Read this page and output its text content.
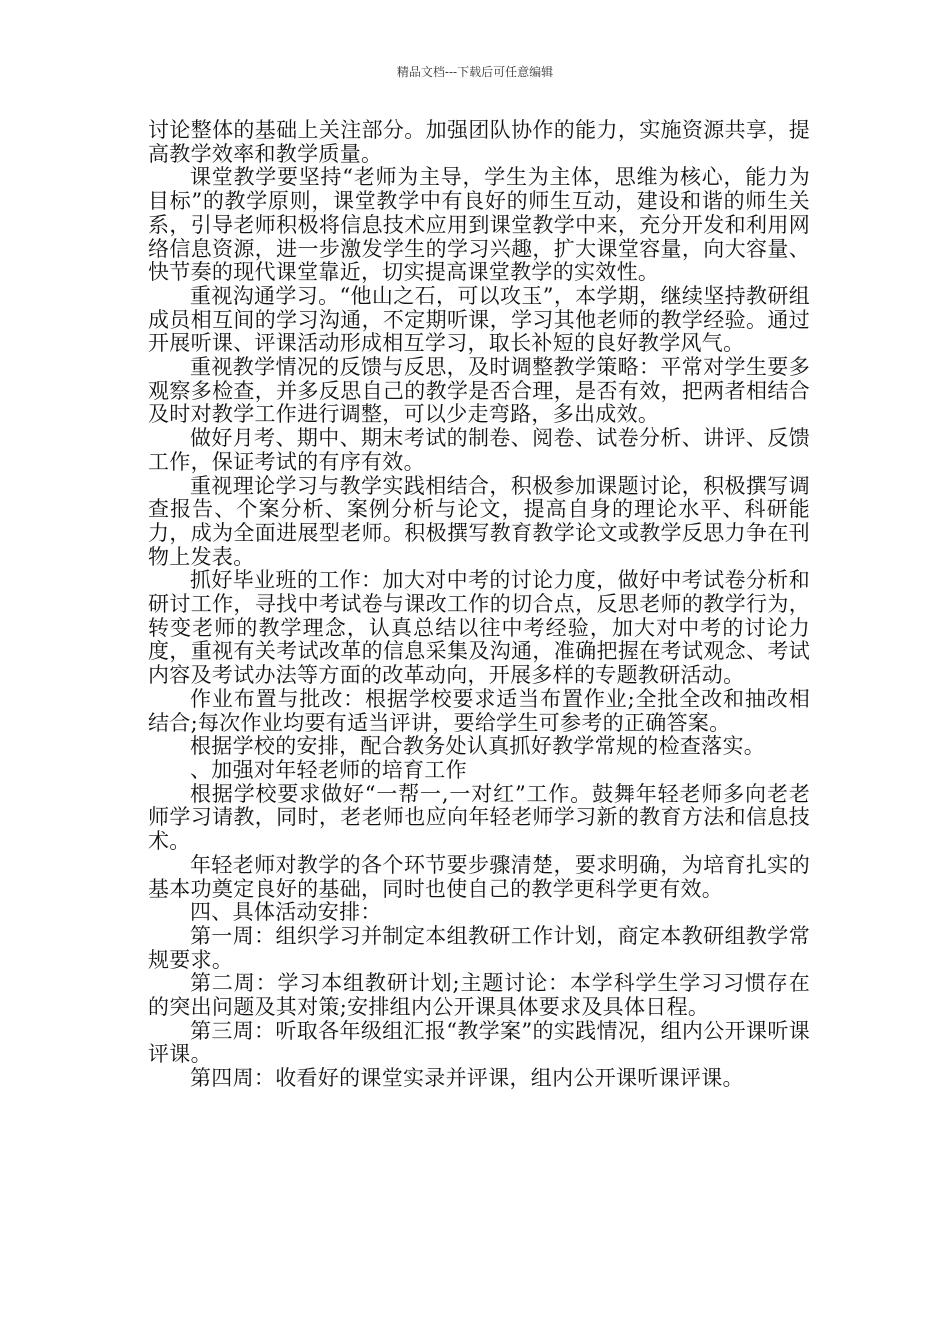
精品文档---下载后可任意编辑

讨论整体的基础上关注部分。加强团队协作的能力，实施资源共享，提高教学效率和教学质量。

课堂教学要坚持“老师为主导，学生为主体，思维为核心，能力为目标”的教学原则，课堂教学中有良好的师生互动，建设和谐的师生关系，引导老师积极将信息技术应用到课堂教学中来，充分开发和利用网络信息资源，进一步激发学生的学习兴趣，扩大课堂容量，向大容量、快节奏的现代课堂靠近，切实提高课堂教学的实效性。

重视沟通学习。“他山之石，可以攻玉”，本学期，继续坚持教研组成员相互间的学习沟通，不定期听课，学习其他老师的教学经验。通过开展听课、评课活动形成相互学习，取长补短的良好教学风气。

重视教学情况的反馈与反思，及时调整教学策略：平常对学生要多观察多检查，并多反思自己的教学是否合理，是否有效，把两者相结合及时对教学工作进行调整，可以少走弯路，多出成效。

做好月考、期中、期末考试的制卷、阅卷、试卷分析、讲评、反馈工作，保证考试的有序有效。

重视理论学习与教学实践相结合，积极参加课题讨论，积极撰写调查报告、个案分析、案例分析与论文，提高自身的理论水平、科研能力，成为全面进展型老师。积极撰写教育教学论文或教学反思力争在刊物上发表。

抓好毕业班的工作：加大对中考的讨论力度，做好中考试卷分析和研讨工作，寻找中考试卷与课改工作的切合点，反思老师的教学行为，转变老师的教学理念，认真总结以往中考经验，加大对中考的讨论力度，重视有关考试改革的信息采集及沟通，准确把握在考试观念、考试内容及考试办法等方面的改革动向，开展多样的专题教研活动。

作业布置与批改：根据学校要求适当布置作业;全批全改和抽改相结合;每次作业均要有适当评讲，要给学生可参考的正确答案。

根据学校的安排，配合教务处认真抓好教学常规的检查落实。

、加强对年轻老师的培育工作

根据学校要求做好“一帮一,一对红”工作。鼓舞年轻老师多向老老师学习请教，同时，老老师也应向年轻老师学习新的教育方法和信息技术。

年轻老师对教学的各个环节要步骤清楚，要求明确，为培育扎实的基本功奠定良好的基础，同时也使自己的教学更科学更有效。

四、具体活动安排：

第一周：组织学习并制定本组教研工作计划，商定本教研组教学常规要求。

第二周：学习本组教研计划;主题讨论：本学科学生学习习惯存在的突出问题及其对策;安排组内公开课具体要求及具体日程。

第三周：听取各年级组汇报“教学案”的实践情况，组内公开课听课评课。

第四周：收看好的课堂实录并评课，组内公开课听课评课。
